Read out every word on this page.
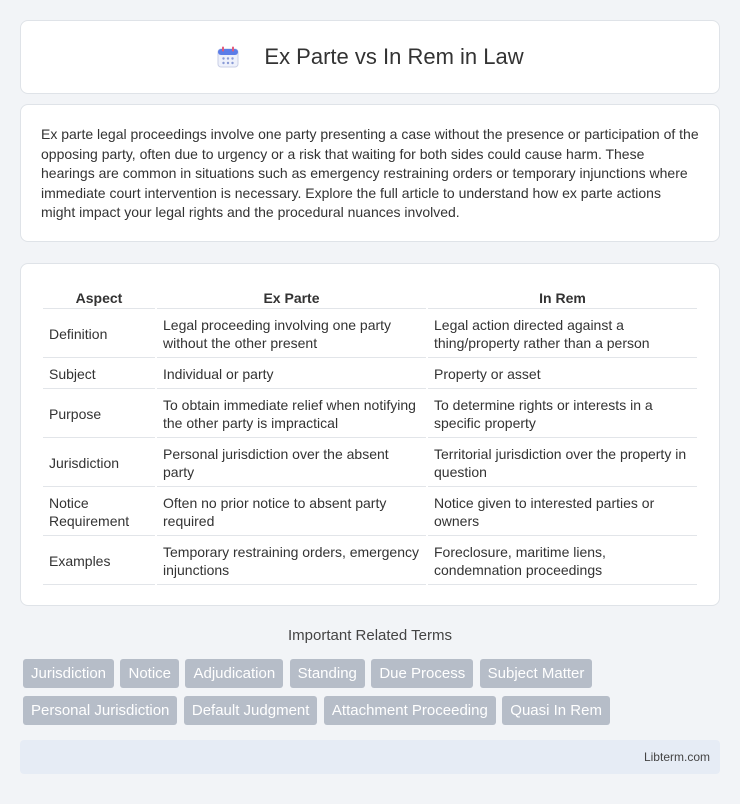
Ex Parte vs In Rem in Law

Ex parte legal proceedings involve one party presenting a case without the presence or participation of the opposing party, often due to urgency or a risk that waiting for both sides could cause harm. These hearings are common in situations such as emergency restraining orders or temporary injunctions where immediate court intervention is necessary. Explore the full article to understand how ex parte actions might impact your legal rights and the procedural nuances involved.

Aspect	Ex Parte	In Rem
Definition	Legal proceeding involving one party without the other present	Legal action directed against a thing/property rather than a person
Subject	Individual or party	Property or asset
Purpose	To obtain immediate relief when notifying the other party is impractical	To determine rights or interests in a specific property
Jurisdiction	Personal jurisdiction over the absent party	Territorial jurisdiction over the property in question
Notice Requirement	Often no prior notice to absent party required	Notice given to interested parties or owners
Examples	Temporary restraining orders, emergency injunctions	Foreclosure, maritime liens, condemnation proceedings
Important Related Terms
Jurisdiction Notice Adjudication Standing Due Process Subject Matter Personal Jurisdiction Default Judgment Attachment Proceeding Quasi In Rem
Libterm.com
